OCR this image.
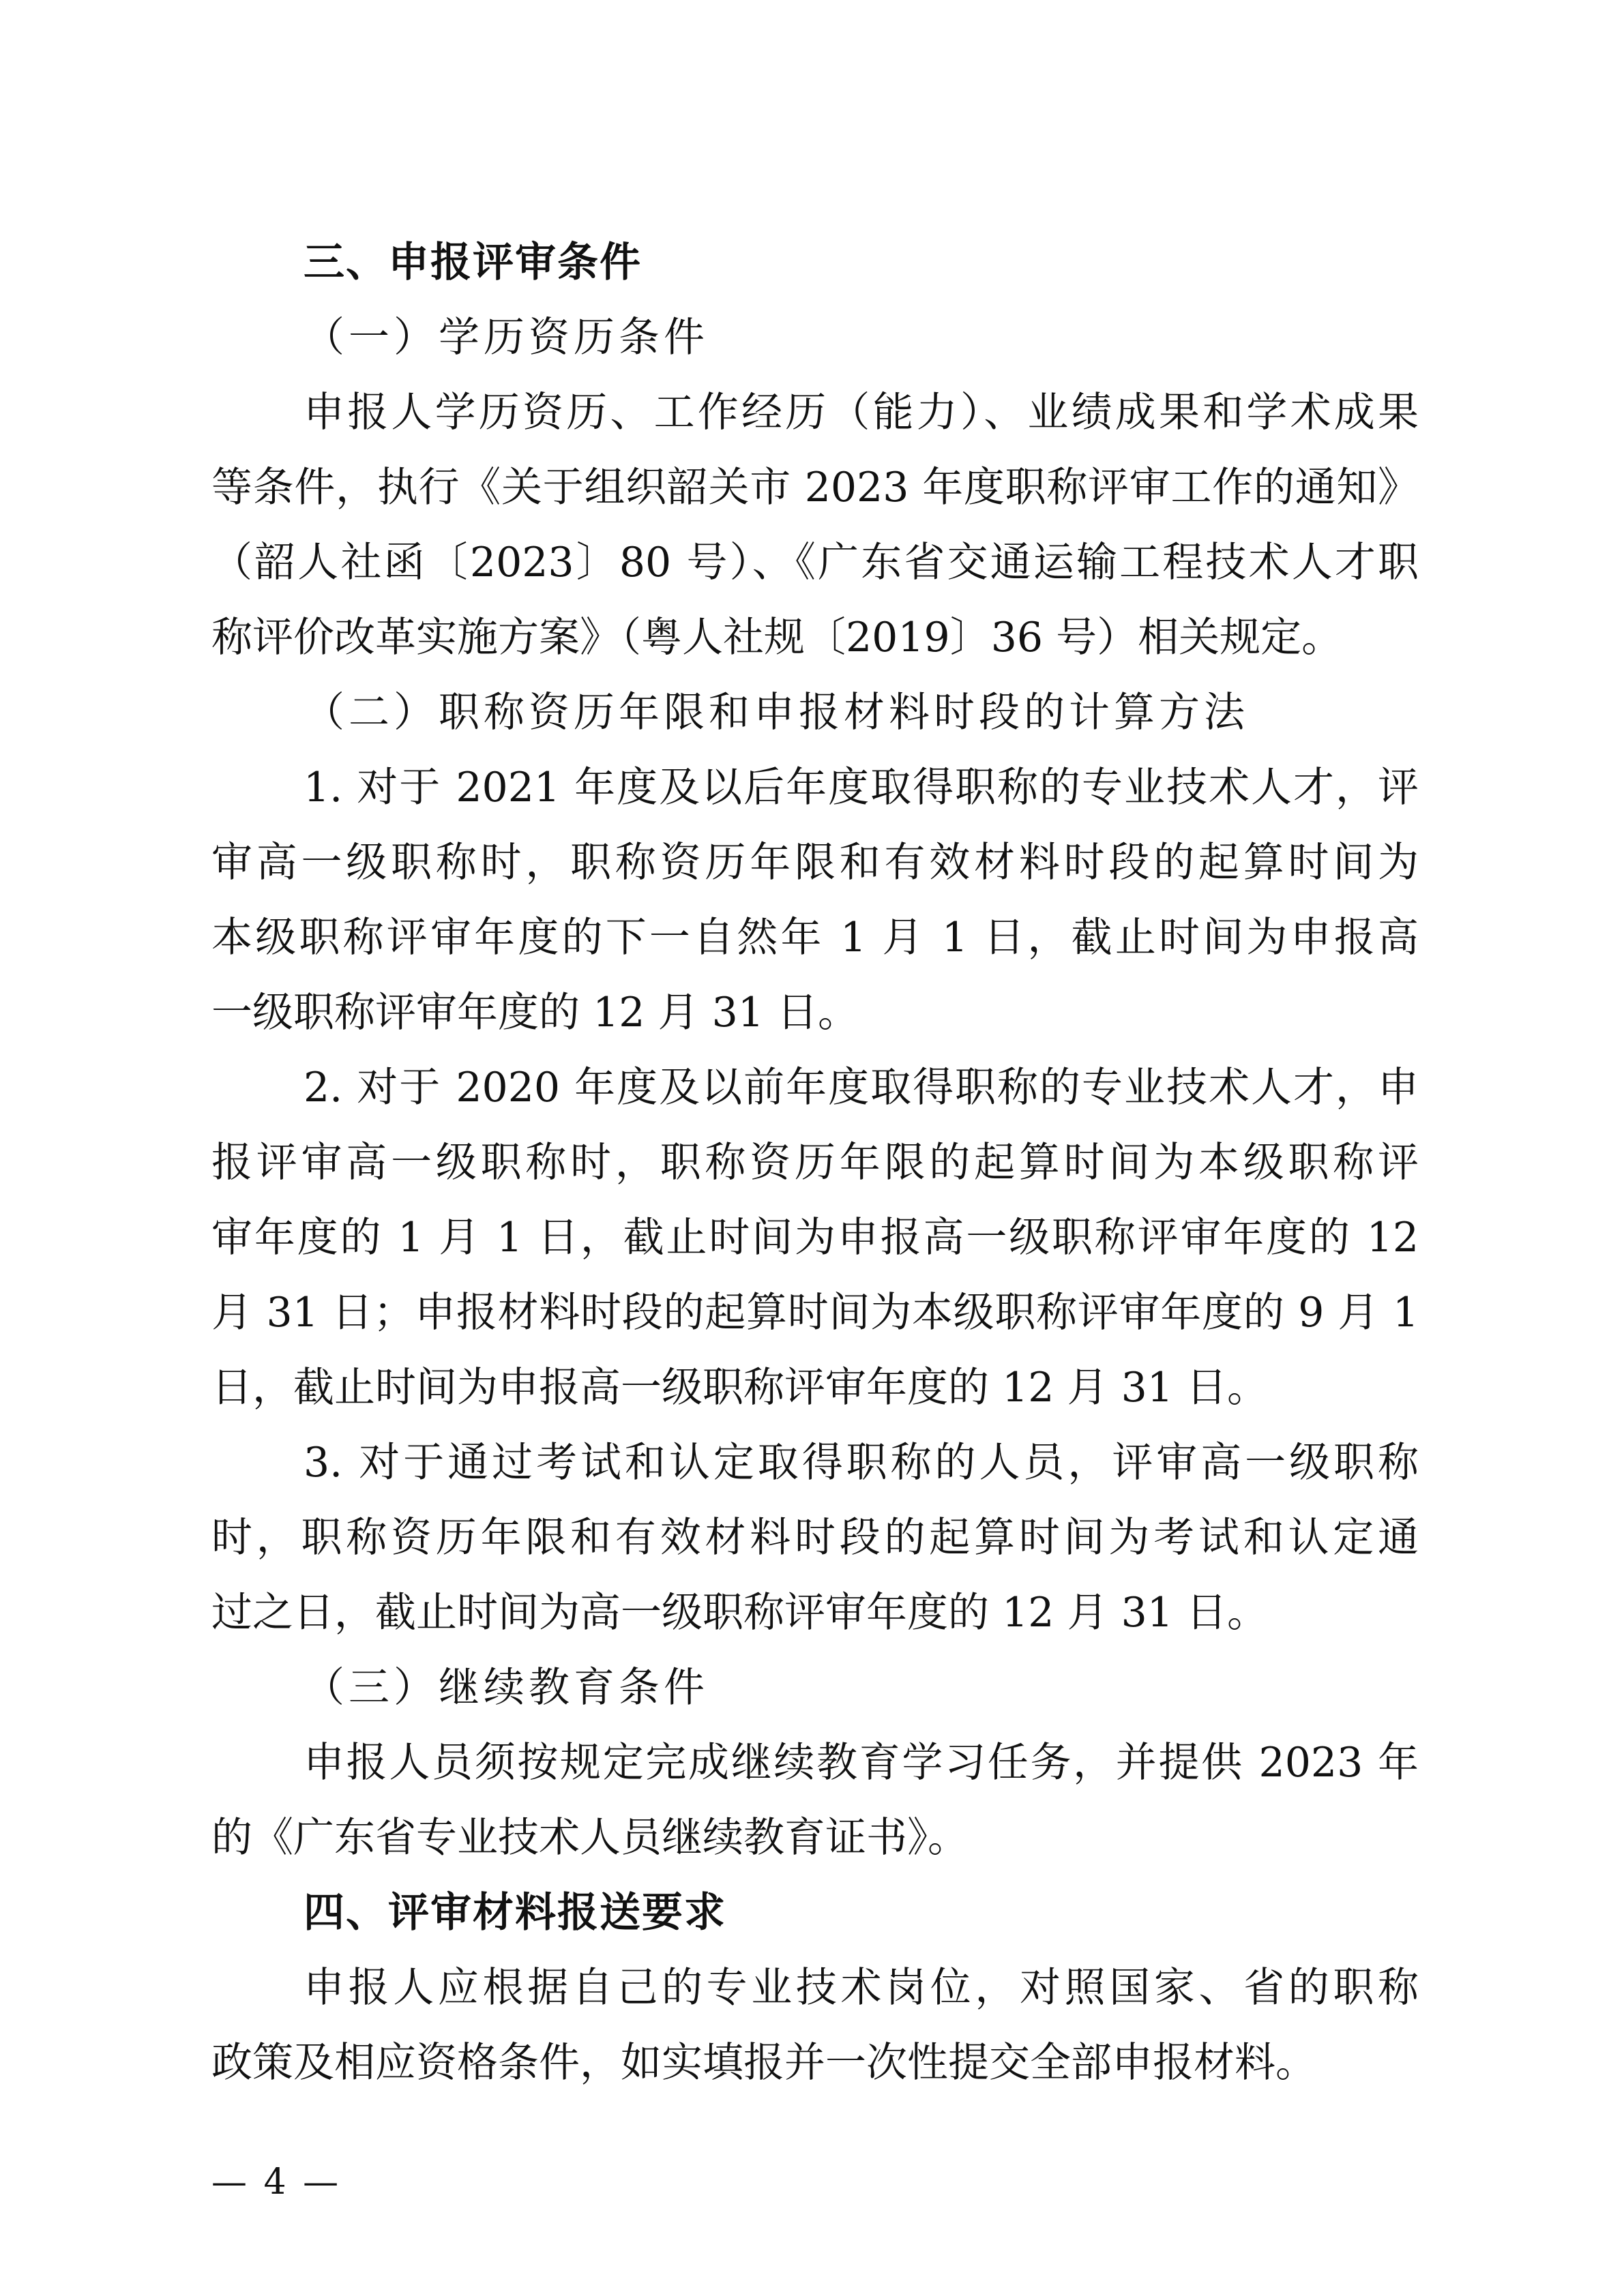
三、申报评审条件
（一）学历资历条件
申报人学历资历、工作经历（能力）、业绩成果和学术成果
等条件，执行《关于组织韶关市 2023 年度职称评审工作的通知》
（韶人社函〔2023〕80 号）、《广东省交通运输工程技术人才职
称评价改革实施方案》（粤人社规〔2019〕36 号）相关规定。
（二）职称资历年限和申报材料时段的计算方法
1. 对于 2021 年度及以后年度取得职称的专业技术人才，评
审高一级职称时，职称资历年限和有效材料时段的起算时间为
本级职称评审年度的下一自然年 1 月 1 日，截止时间为申报高
一级职称评审年度的 12 月 31 日。
2. 对于 2020 年度及以前年度取得职称的专业技术人才，申
报评审高一级职称时，职称资历年限的起算时间为本级职称评
审年度的 1 月 1 日，截止时间为申报高一级职称评审年度的 12
月 31 日；申报材料时段的起算时间为本级职称评审年度的 9 月 1
日，截止时间为申报高一级职称评审年度的 12 月 31 日。
3. 对于通过考试和认定取得职称的人员，评审高一级职称
时，职称资历年限和有效材料时段的起算时间为考试和认定通
过之日，截止时间为高一级职称评审年度的 12 月 31 日。
（三）继续教育条件
申报人员须按规定完成继续教育学习任务，并提供 2023 年
的《广东省专业技术人员继续教育证书》。
四、评审材料报送要求
申报人应根据自己的专业技术岗位，对照国家、省的职称
政策及相应资格条件，如实填报并一次性提交全部申报材料。
— 4 —
